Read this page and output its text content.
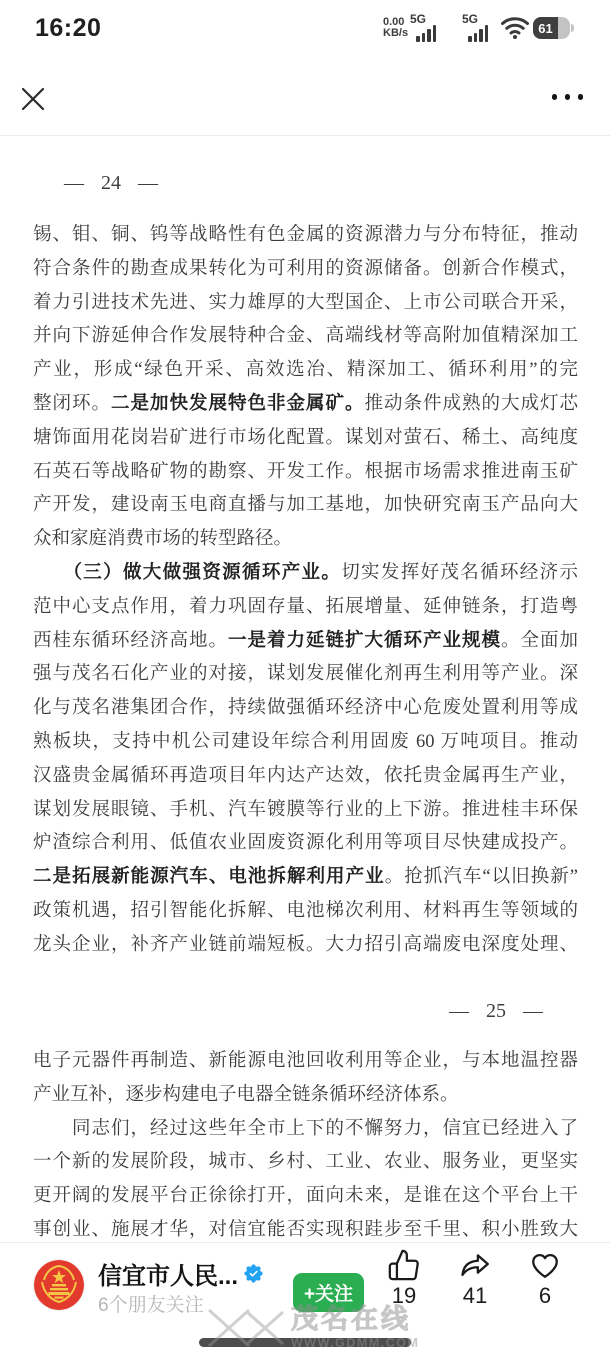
16:20	0.00
KB/s
5G	5G
61
— 24 —
锡、钼、铜、钨等战略性有色金属的资源潜力与分布特征，推动
符合条件的勘查成果转化为可利用的资源储备。创新合作模式，
着力引进技术先进、实力雄厚的大型国企、上市公司联合开采，
并向下游延伸合作发展特种合金、高端线材等高附加值精深加工
产业，形成“绿色开采、高效选冶、精深加工、循环利用”的完
整闭环。二是加快发展特色非金属矿。推动条件成熟的大成灯芯
塘饰面用花岗岩矿进行市场化配置。谋划对萤石、稀土、高纯度
石英石等战略矿物的勘察、开发工作。根据市场需求推进南玉矿
产开发，建设南玉电商直播与加工基地，加快研究南玉产品向大
众和家庭消费市场的转型路径。
　　（三）做大做强资源循环产业。切实发挥好茂名循环经济示
范中心支点作用，着力巩固存量、拓展增量、延伸链条，打造粤
西桂东循环经济高地。一是着力延链扩大循环产业规模。全面加
强与茂名石化产业的对接，谋划发展催化剂再生利用等产业。深
化与茂名港集团合作，持续做强循环经济中心危废处置利用等成
熟板块，支持中机公司建设年综合利用固废 60 万吨项目。推动
汉盛贵金属循环再造项目年内达产达效，依托贵金属再生产业，
谋划发展眼镜、手机、汽车镀膜等行业的上下游。推进桂丰环保
炉渣综合利用、低值农业固废资源化利用等项目尽快建成投产。
二是拓展新能源汽车、电池拆解利用产业。抢抓汽车“以旧换新”
政策机遇，招引智能化拆解、电池梯次利用、材料再生等领域的
龙头企业，补齐产业链前端短板。大力招引高端废电深度处理、
— 25 —
电子元器件再制造、新能源电池回收利用等企业，与本地温控器
产业互补，逐步构建电子电器全链条循环经济体系。
　　同志们，经过这些年全市上下的不懈努力，信宜已经进入了
一个新的发展阶段，城市、乡村、工业、农业、服务业，更坚实
更开阔的发展平台正徐徐打开，面向未来，是谁在这个平台上干
事创业、施展才华，对信宜能否实现积跬步至千里、积小胜致大
信宜市人民...
6个朋友关注
+关注	19	41	6
WWW.GDMM.COM
